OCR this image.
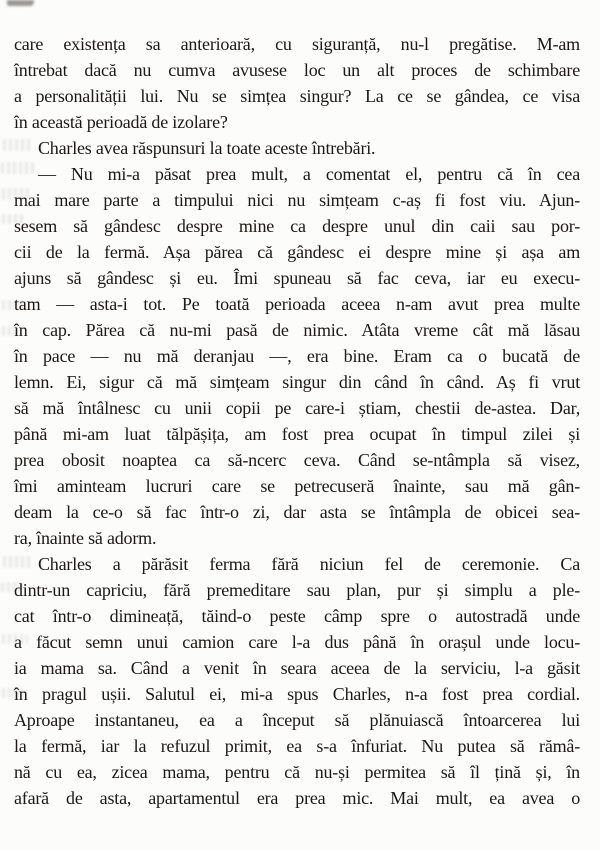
care existența sa anterioară, cu siguranță, nu-l pregătise. M-am
întrebat dacă nu cumva avusese loc un alt proces de schimbare
a personalității lui. Nu se simțea singur? La ce se gândea, ce visa
în această perioadă de izolare?
Charles avea răspunsuri la toate aceste întrebări.
— Nu mi-a păsat prea mult, a comentat el, pentru că în cea
mai mare parte a timpului nici nu simțeam c-aș fi fost viu. Ajun-
sesem să gândesc despre mine ca despre unul din caii sau por-
cii de la fermă. Așa părea că gândesc ei despre mine și așa am
ajuns să gândesc și eu. Îmi spuneau să fac ceva, iar eu execu-
tam — asta-i tot. Pe toată perioada aceea n-am avut prea multe
în cap. Părea că nu-mi pasă de nimic. Atâta vreme cât mă lăsau
în pace — nu mă deranjau —, era bine. Eram ca o bucată de
lemn. Ei, sigur că mă simțeam singur din când în când. Aș fi vrut
să mă întâlnesc cu unii copii pe care-i știam, chestii de-astea. Dar,
până mi-am luat tălpășița, am fost prea ocupat în timpul zilei și
prea obosit noaptea ca să-ncerc ceva. Când se-ntâmpla să visez,
îmi aminteam lucruri care se petrecuseră înainte, sau mă gân-
deam la ce-o să fac într-o zi, dar asta se întâmpla de obicei sea-
ra, înainte să adorm.
Charles a părăsit ferma fără niciun fel de ceremonie. Ca
dintr-un capriciu, fără premeditare sau plan, pur și simplu a ple-
cat într-o dimineață, tăind-o peste câmp spre o autostradă unde
a făcut semn unui camion care l-a dus până în orașul unde locu-
ia mama sa. Când a venit în seara aceea de la serviciu, l-a găsit
în pragul ușii. Salutul ei, mi-a spus Charles, n-a fost prea cordial.
Aproape instantaneu, ea a început să plănuiască întoarcerea lui
la fermă, iar la refuzul primit, ea s-a înfuriat. Nu putea să rămâ-
nă cu ea, zicea mama, pentru că nu-și permitea să îl țină și, în
afară de asta, apartamentul era prea mic. Mai mult, ea avea o
